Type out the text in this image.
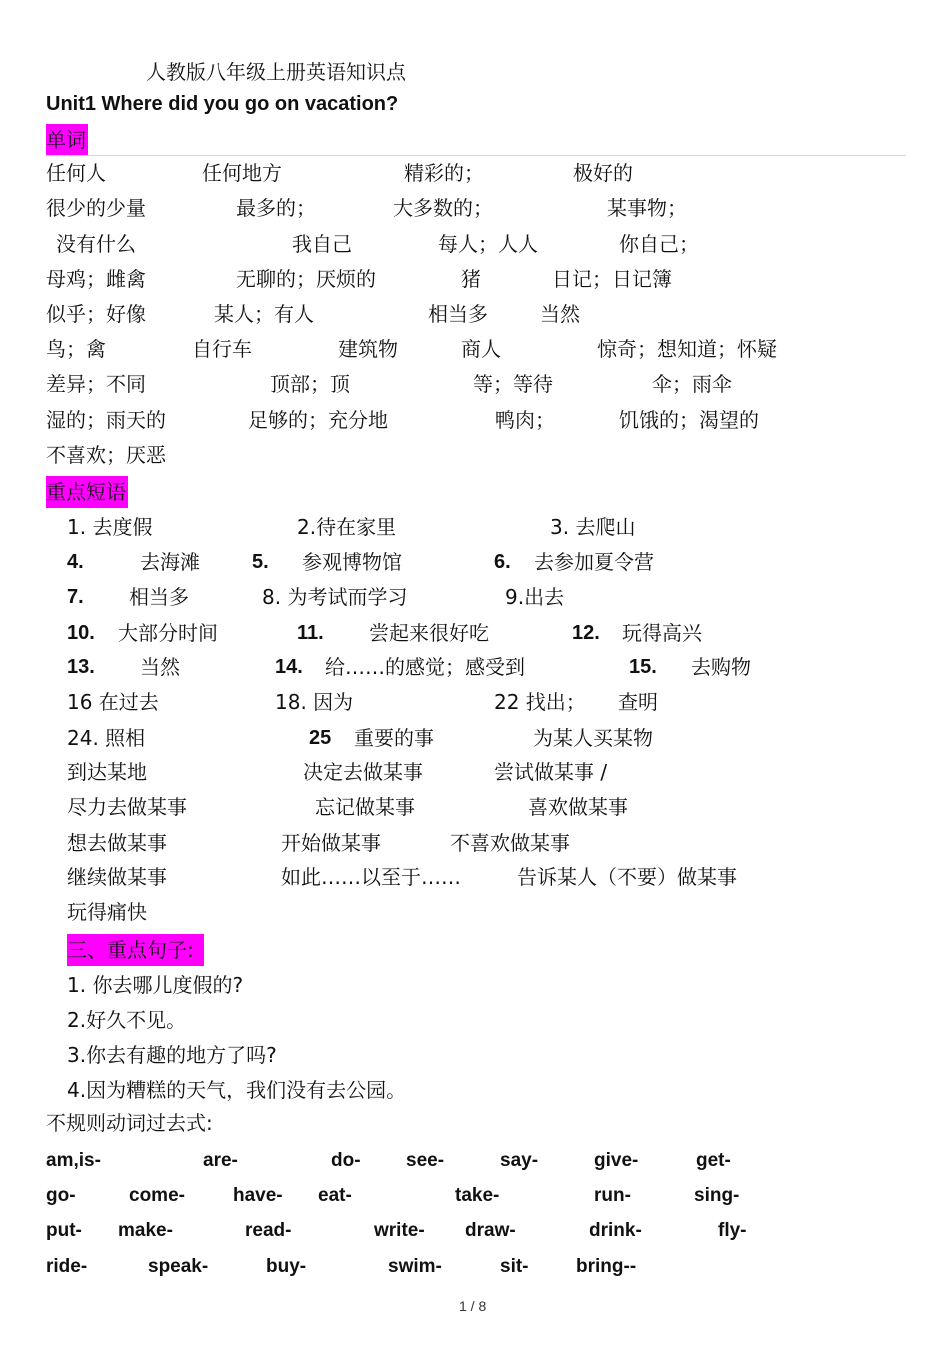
人教版八年级上册英语知识点
Unit1 Where did you go on vacation?
单词
任何人	任何地方	精彩的；	极好的
很少的少量	最多的；	大多数的；	某事物；
没有什么	我自己	每人；人人	你自己；
母鸡；雌禽	无聊的；厌烦的	猪	日记；日记簿
似乎；好像	某人；有人	相当多	当然
鸟；禽	自行车	建筑物	商人	惊奇；想知道；怀疑
差异；不同	顶部；顶	等；等待	伞；雨伞
湿的；雨天的	足够的；充分地	鸭肉；	饥饿的；渴望的
不喜欢；厌恶
重点短语
1. 去度假	2.待在家里	3. 去爬山
4.	去海滩	5. 参观博物馆	6. 去参加夏令营
7. 相当多	8. 为考试而学习	9.出去
10. 大部分时间	11. 尝起来很好吃	12. 玩得高兴
13. 当然	14. 给……的感觉；感受到	15. 去购物
16 在过去	18. 因为	22 找出； 查明
24. 照相	25 重要的事	为某人买某物
到达某地	决定去做某事	尝试做某事 /
尽力去做某事	忘记做某事	喜欢做某事
想去做某事	开始做某事	不喜欢做某事
继续做某事	如此……以至于……	告诉某人（不要）做某事
玩得痛快
三、重点句子:
1. 你去哪儿度假的?
2.好久不见。
3.你去有趣的地方了吗?
4.因为糟糕的天气，我们没有去公园。
不规则动词过去式:
am,is-	are-	do- see-	say-	give-	get-
go-	come-	have- eat-	take-	run-	sing-
put- make-	read-	write- draw-	drink-	fly-
ride-	speak-	buy-	swim-	sit-	bring--
1 / 8
